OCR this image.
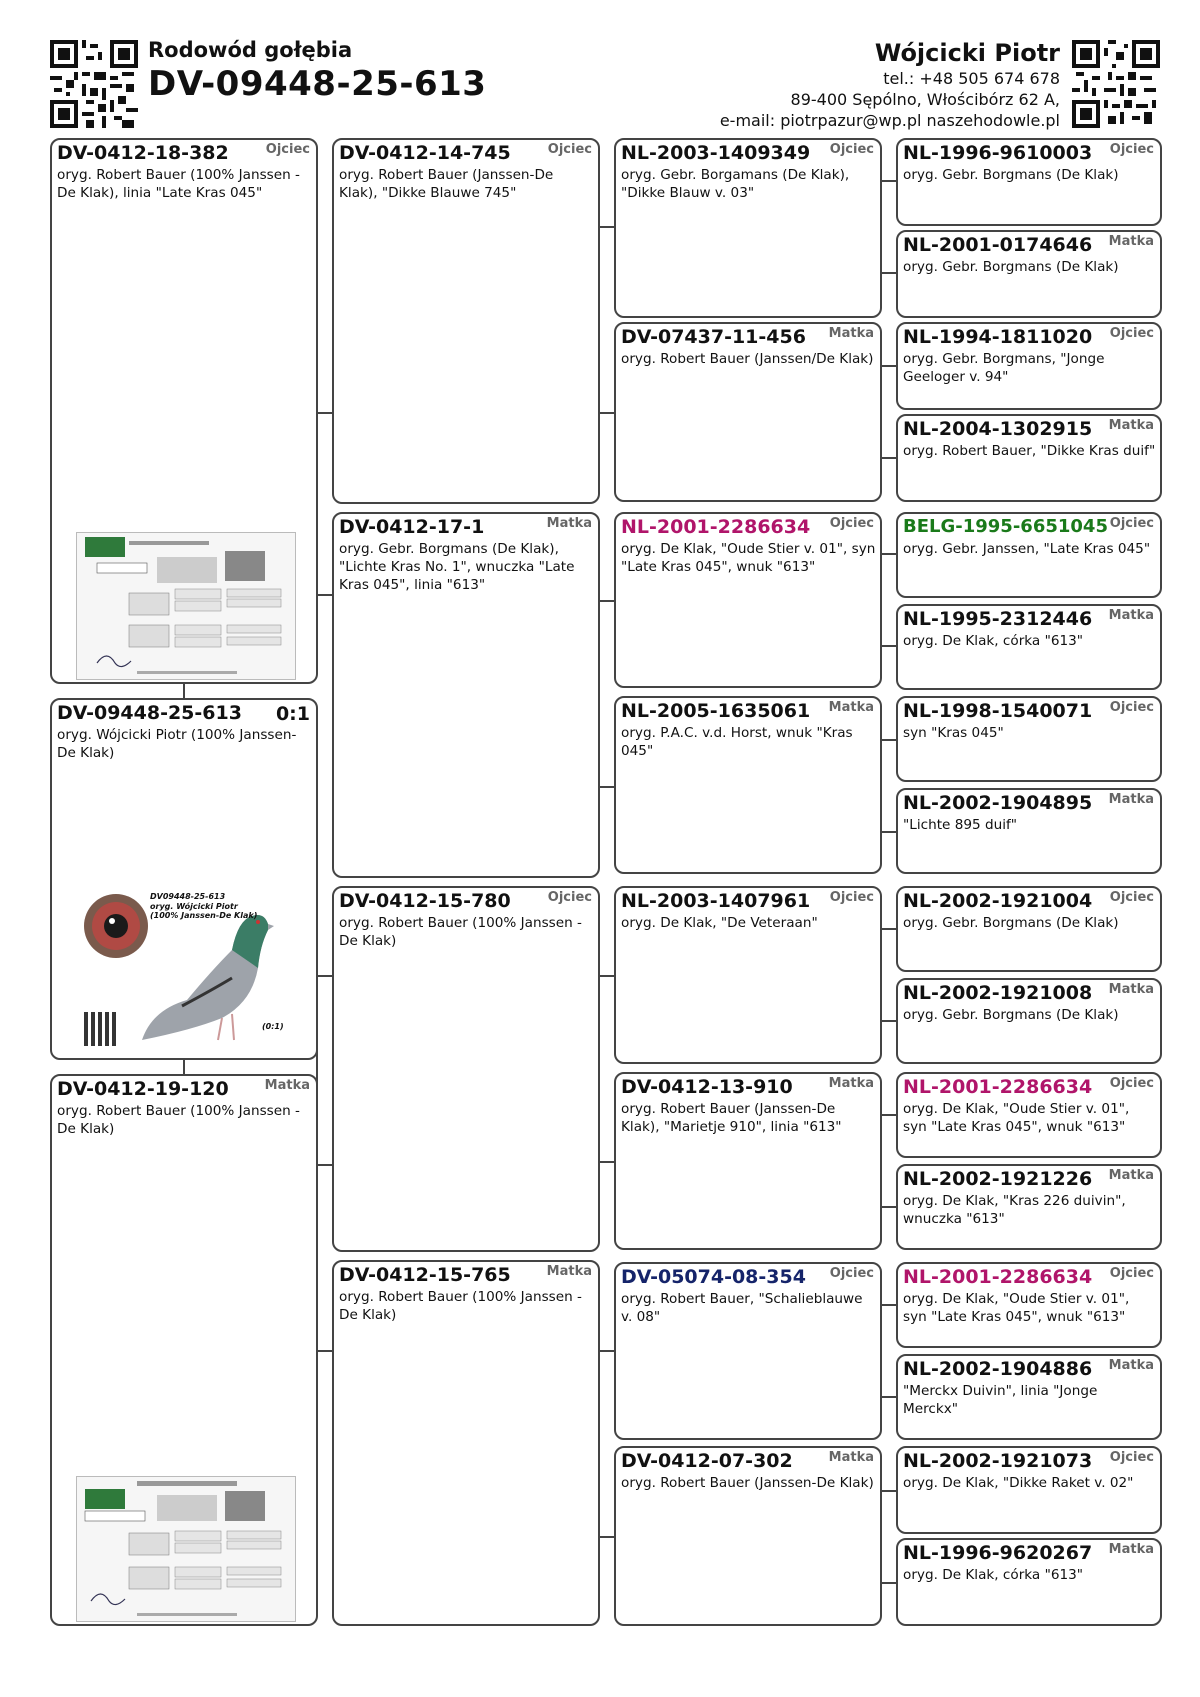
Rodowód gołębia
DV-09448-25-613
Wójcicki Piotr
tel.: +48 505 674 678
89-400 Sępólno, Włościbórz 62 A,
e-mail: piotrpazur@wp.pl naszehodowle.pl
DV-0412-18-382	Ojciec
oryg. Robert Bauer (100% Janssen - De Klak), linia "Late Kras 045"
DV-09448-25-613 0:1
oryg. Wójcicki Piotr (100% Janssen-De Klak)
DV09448-25-613
oryg. Wójcicki Piotr
(100% Janssen-De Klak)
(0:1)
DV-0412-19-120	Matka
oryg. Robert Bauer (100% Janssen - De Klak)
DV-0412-14-745	Ojciec
oryg. Robert Bauer (Janssen-De Klak), "Dikke Blauwe 745"
DV-0412-17-1	Matka
oryg. Gebr. Borgmans (De Klak), "Lichte Kras No. 1", wnuczka "Late Kras 045", linia "613"
DV-0412-15-780	Ojciec
oryg. Robert Bauer (100% Janssen - De Klak)
DV-0412-15-765	Matka
oryg. Robert Bauer (100% Janssen - De Klak)
NL-2003-1409349 Ojciec
oryg. Gebr. Borgamans (De Klak), "Dikke Blauw v. 03"
DV-07437-11-456 Matka
oryg. Robert Bauer (Janssen/De Klak)
NL-2001-2286634 Ojciec
oryg. De Klak, "Oude Stier v. 01", syn "Late Kras 045", wnuk "613"
NL-2005-1635061 Matka
oryg. P.A.C. v.d. Horst, wnuk "Kras 045"
NL-2003-1407961 Ojciec
oryg. De Klak, "De Veteraan"
DV-0412-13-910	Matka
oryg. Robert Bauer (Janssen-De Klak), "Marietje 910", linia "613"
DV-05074-08-354 Ojciec
oryg. Robert Bauer, "Schalieblauwe v. 08"
DV-0412-07-302	Matka
oryg. Robert Bauer (Janssen-De Klak)
NL-1996-9610003 Ojciec
oryg. Gebr. Borgmans (De Klak)
NL-2001-0174646 Matka
oryg. Gebr. Borgmans (De Klak)
NL-1994-1811020 Ojciec
oryg. Gebr. Borgmans, "Jonge Geeloger v. 94"
NL-2004-1302915 Matka
oryg. Robert Bauer, "Dikke Kras duif"
BELG-1995-6651045 Ojciec
oryg. Gebr. Janssen, "Late Kras 045"
NL-1995-2312446 Matka
oryg. De Klak, córka "613"
NL-1998-1540071 Ojciec
syn "Kras 045"
NL-2002-1904895 Matka
"Lichte 895 duif"
NL-2002-1921004 Ojciec
oryg. Gebr. Borgmans (De Klak)
NL-2002-1921008 Matka
oryg. Gebr. Borgmans (De Klak)
NL-2001-2286634 Ojciec
oryg. De Klak, "Oude Stier v. 01", syn "Late Kras 045", wnuk "613"
NL-2002-1921226 Matka
oryg. De Klak, "Kras 226 duivin", wnuczka "613"
NL-2001-2286634 Ojciec
oryg. De Klak, "Oude Stier v. 01", syn "Late Kras 045", wnuk "613"
NL-2002-1904886 Matka
"Merckx Duivin", linia "Jonge Merckx"
NL-2002-1921073 Ojciec
oryg. De Klak, "Dikke Raket v. 02"
NL-1996-9620267 Matka
oryg. De Klak, córka "613"
